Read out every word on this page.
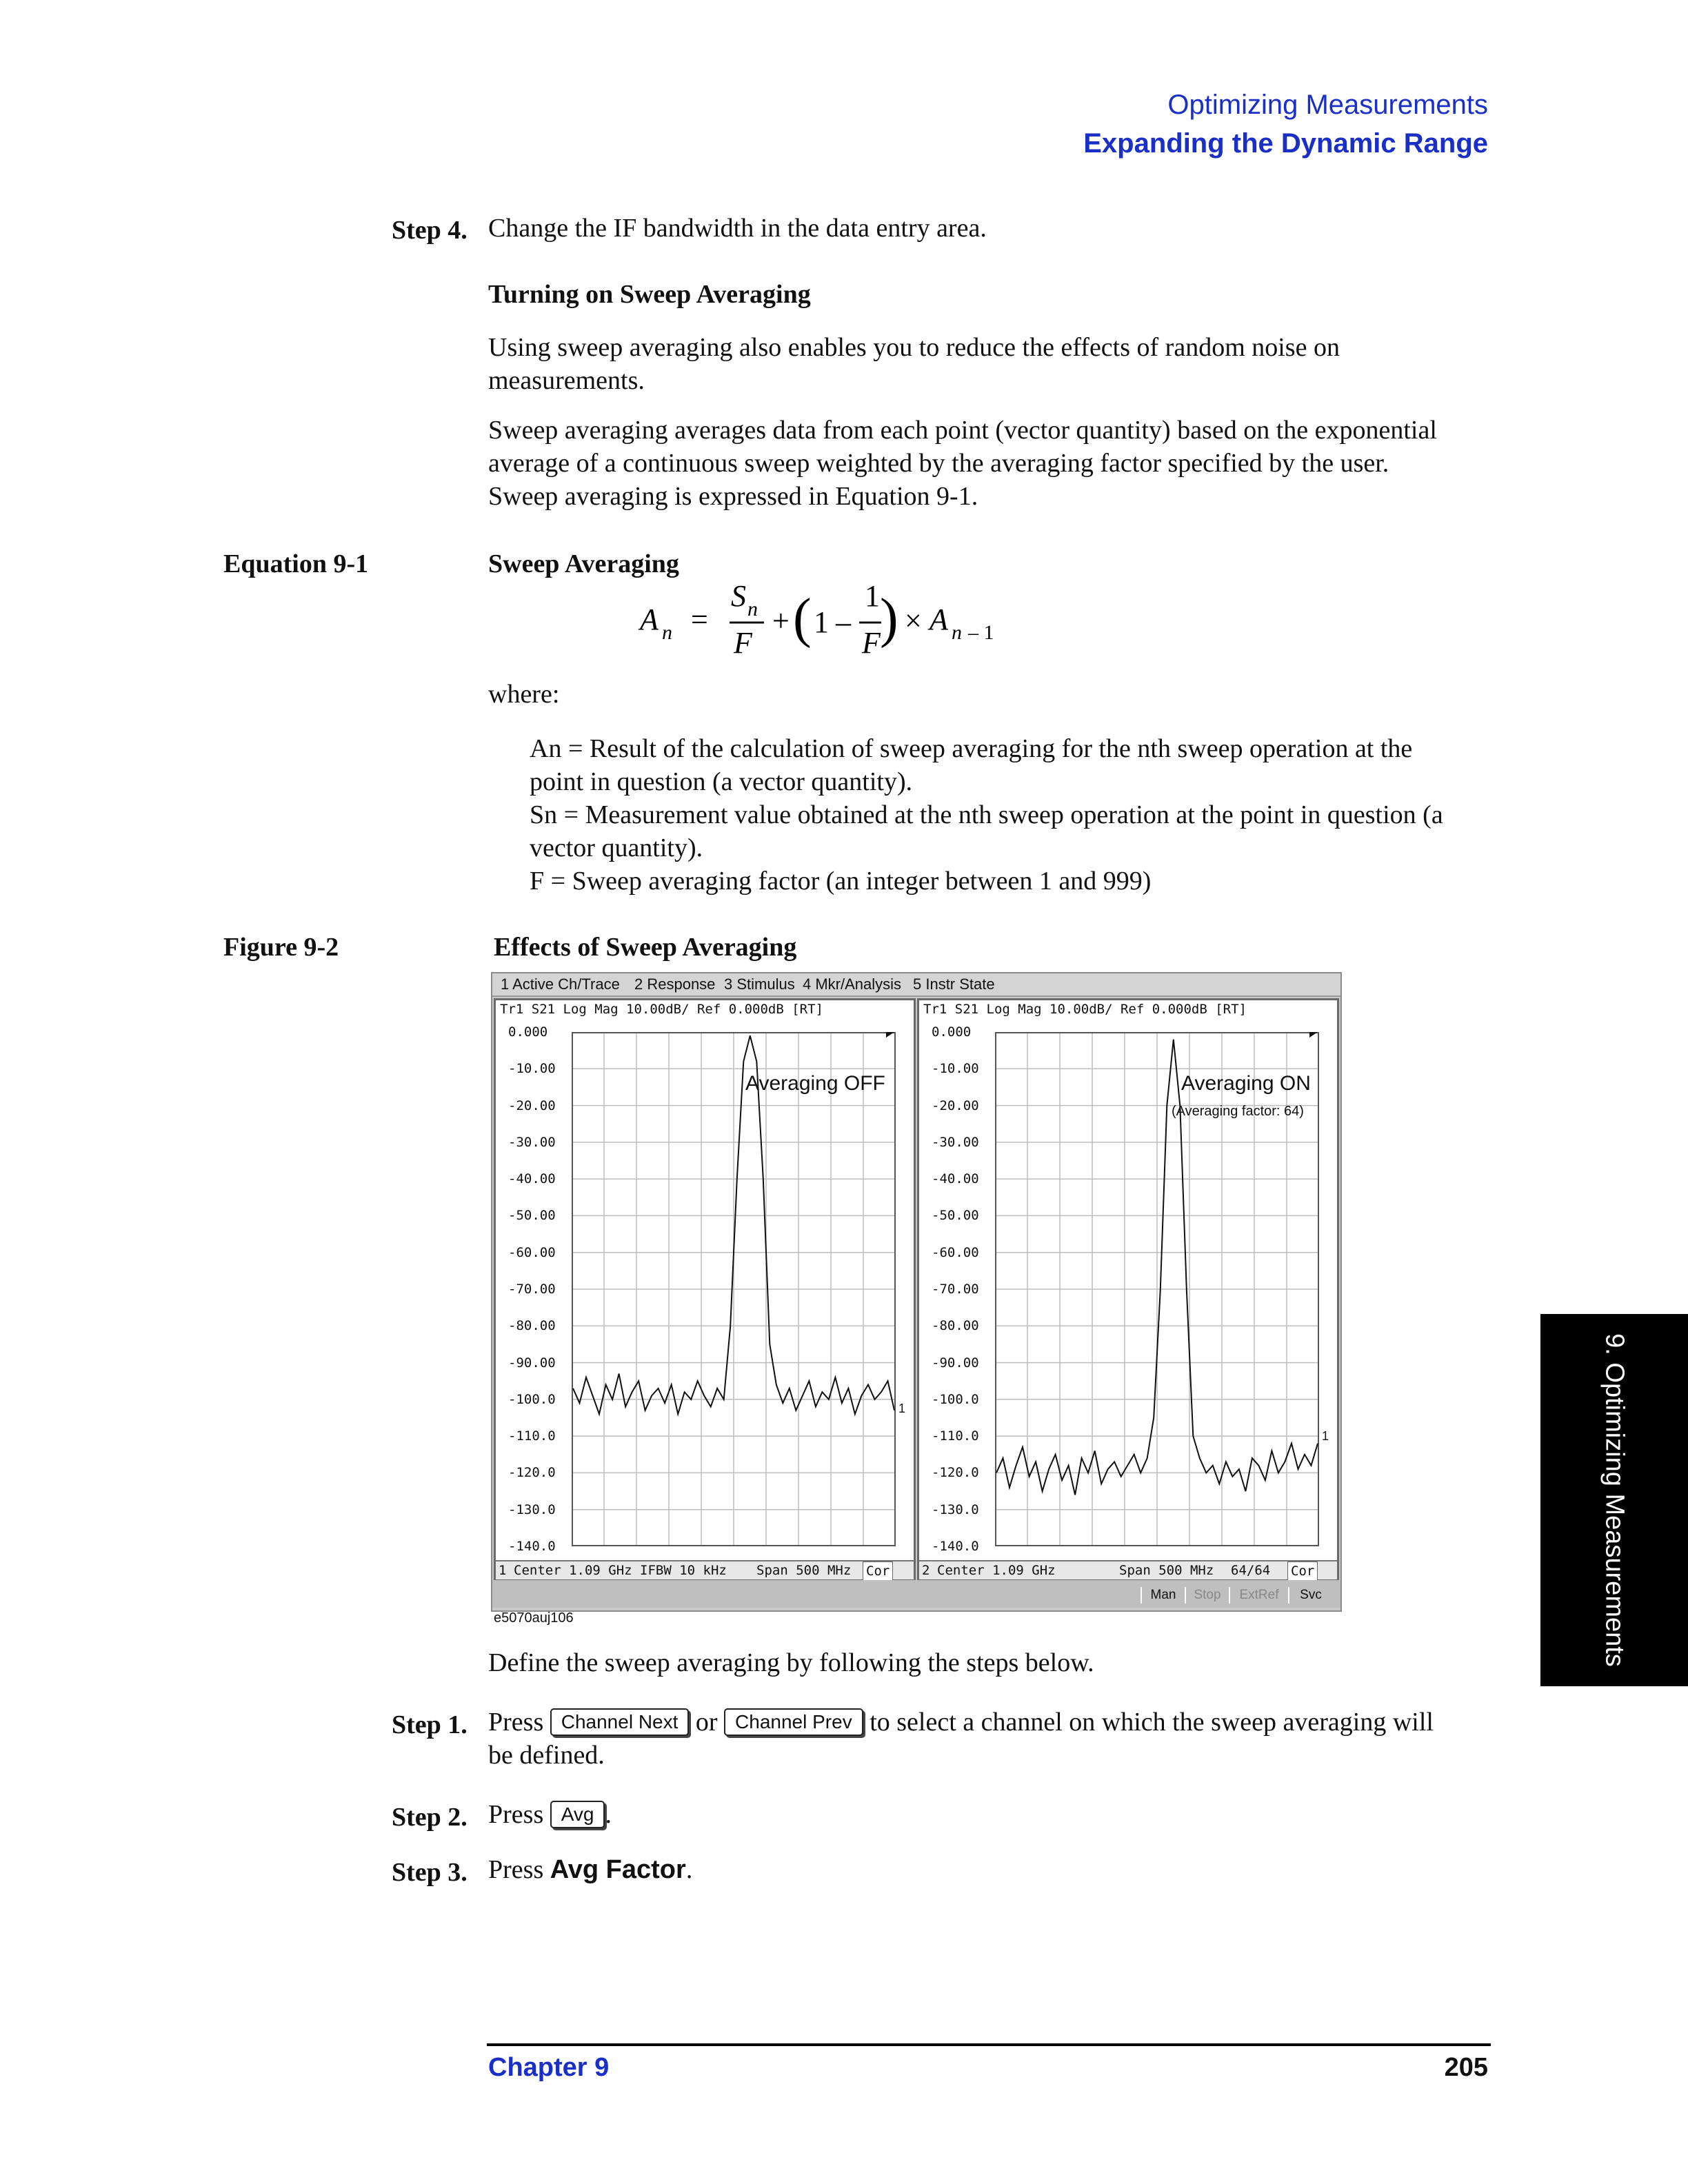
Optimizing Measurements
Expanding the Dynamic Range
Step 4. Change the IF bandwidth in the data entry area.
Turning on Sweep Averaging
Using sweep averaging also enables you to reduce the effects of random noise on
measurements.
Sweep averaging averages data from each point (vector quantity) based on the exponential
average of a continuous sweep weighted by the averaging factor specified by the user.
Sweep averaging is expressed in Equation 9-1.
Equation 9-1	Sweep Averaging
A n =
S n
F
+ ( 1 –
1
F ) × A n – 1
where:
An = Result of the calculation of sweep averaging for the nth sweep operation at the
point in question (a vector quantity).
Sn = Measurement value obtained at the nth sweep operation at the point in question (a
vector quantity).
F = Sweep averaging factor (an integer between 1 and 999)
Figure 9-2	Effects of Sweep Averaging
1 Active Ch/Trace 2 Response 3 Stimulus 4 Mkr/Analysis 5 Instr State
Tr1 S21 Log Mag 10.00dB/ Ref 0.000dB [RT]
0.000
-10.00
-20.00
-30.00
-40.00
-50.00
-60.00
-70.00
-80.00
-90.00
-100.0
-110.0
-120.0
-130.0
-140.0
Averaging OFF
1
1 Center 1.09 GHz IFBW 10 kHz Span 500 MHz Cor
Tr1 S21 Log Mag 10.00dB/ Ref 0.000dB [RT]
0.000
-10.00
-20.00
-30.00
-40.00
-50.00
-60.00
-70.00
-80.00
-90.00
-100.0
-110.0
-120.0
-130.0
-140.0
Averaging ON
(Averaging factor: 64)
1
2 Center 1.09 GHz	Span 500 MHz 64/64 Cor
Man	Stop	ExtRef	Svc
e5070auj106
Define the sweep averaging by following the steps below.
Step 1. Press Channel Next or Channel Prev to select a channel on which the sweep averaging will
be defined.
Step 2. Press Avg .
Step 3. Press Avg Factor.
9. Optimizing Measurements
Chapter 9	205
